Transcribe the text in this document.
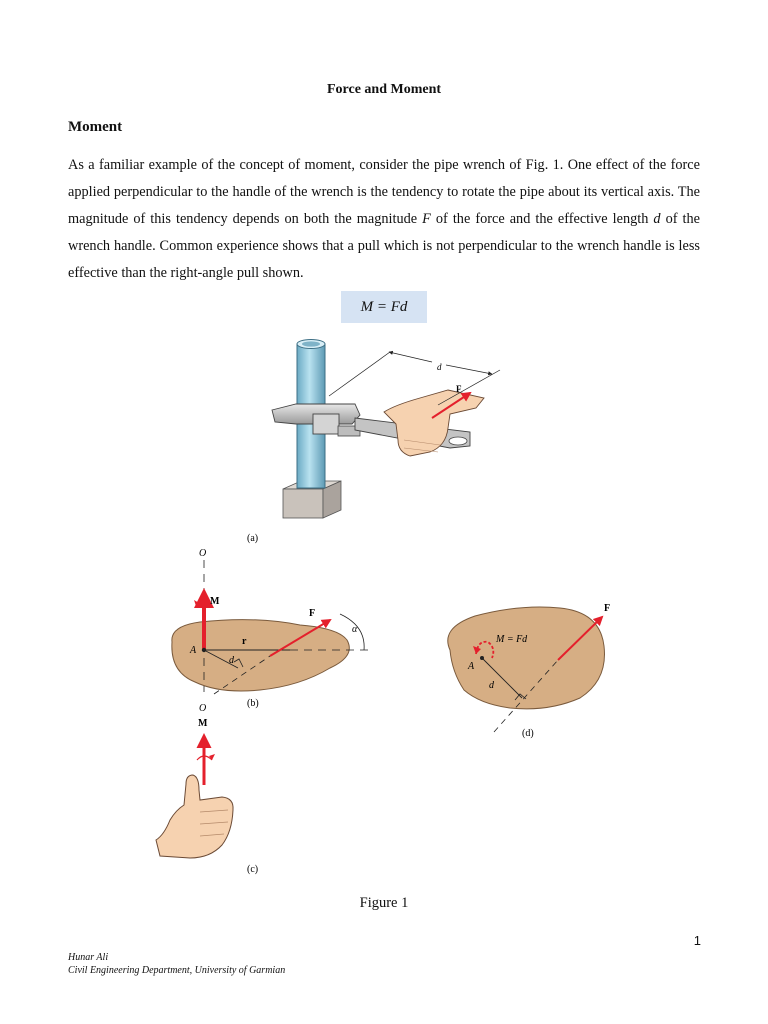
Force and Moment
Moment
As a familiar example of the concept of moment, consider the pipe wrench of Fig. 1. One effect of the force applied perpendicular to the handle of the wrench is the tendency to rotate the pipe about its vertical axis. The magnitude of this tendency depends on both the magnitude F of the force and the effective length d of the wrench handle. Common experience shows that a pull which is not perpendicular to the wrench handle is less effective than the right-angle pull shown.
M = Fd
d
F
(a)
O
O
M
F
r
A
d
α
(b)
M
(c)
F
M = Fd
A
d
(d)
Figure 1
1
Hunar Ali
Civil Engineering Department, University of Garmian
